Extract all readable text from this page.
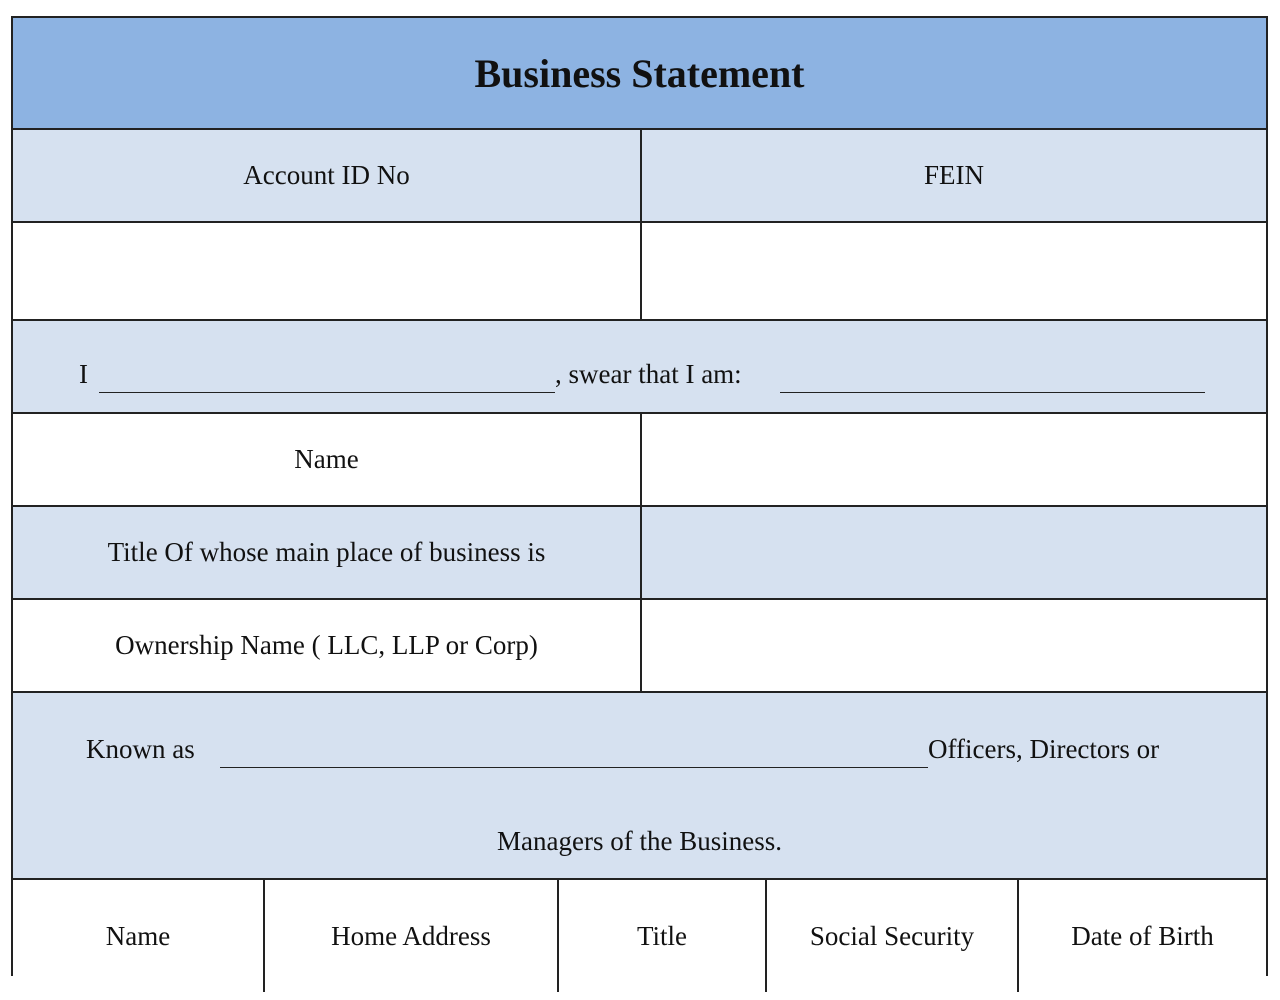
Business Statement
Account ID No	FEIN
I	, swear that I am:
Name
Title Of whose main place of business is
Ownership Name ( LLC, LLP or Corp)
Known as	Officers, Directors or
Managers of the Business.
Name	Home Address	Title	Social Security	Date of Birth
